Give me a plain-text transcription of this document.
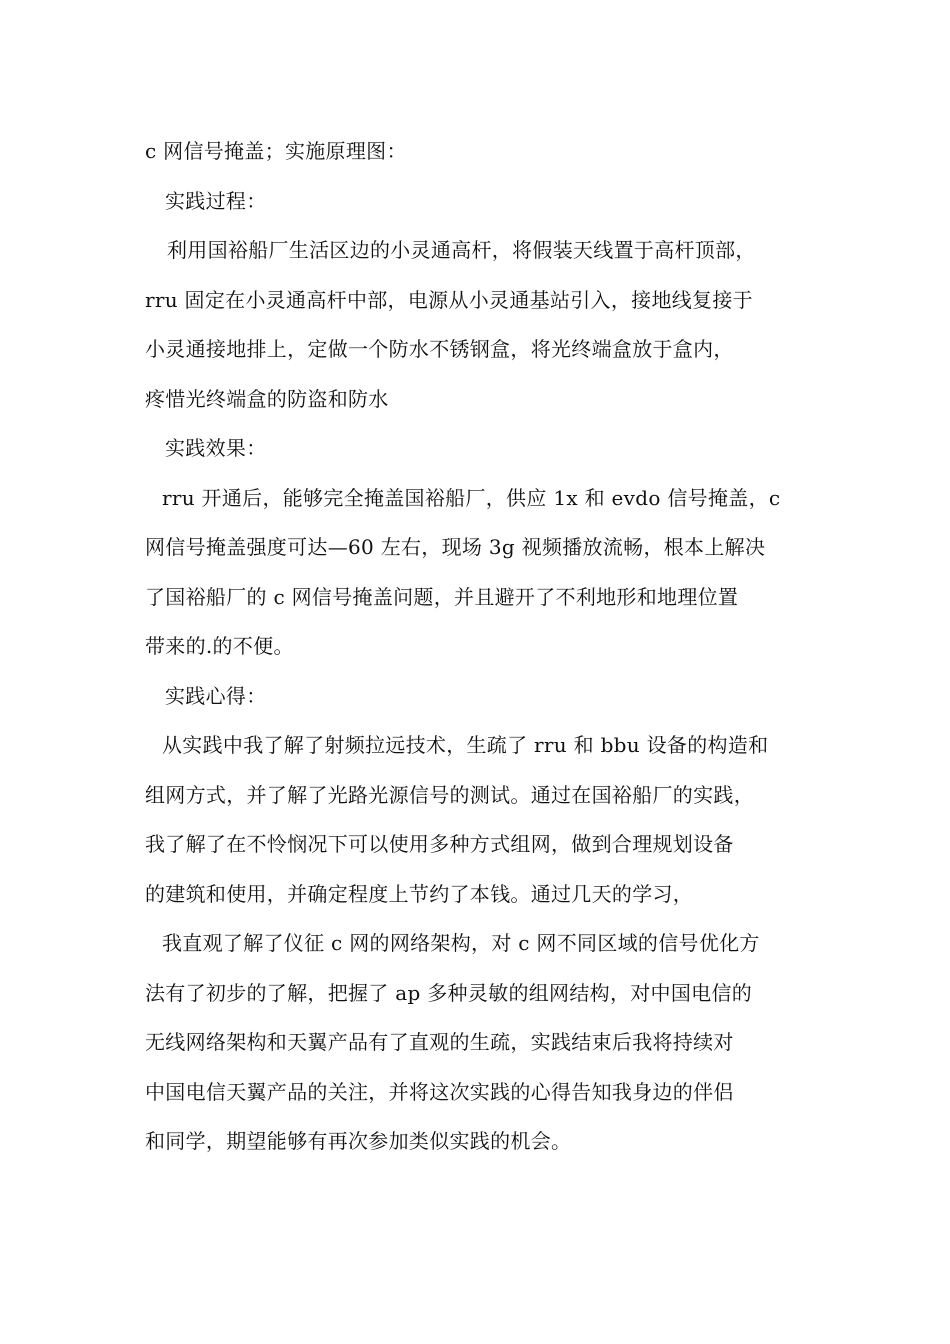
c 网信号掩盖；实施原理图：
实践过程：
利用国裕船厂生活区边的小灵通高杆，将假装天线置于高杆顶部，
rru 固定在小灵通高杆中部，电源从小灵通基站引入，接地线复接于
小灵通接地排上，定做一个防水不锈钢盒，将光终端盒放于盒内，
疼惜光终端盒的防盗和防水
实践效果：
rru 开通后，能够完全掩盖国裕船厂，供应 1x 和 evdo 信号掩盖，c
网信号掩盖强度可达—60 左右，现场 3g 视频播放流畅，根本上解决
了国裕船厂的 c 网信号掩盖问题，并且避开了不利地形和地理位置
带来的.的不便。
实践心得：
从实践中我了解了射频拉远技术，生疏了 rru 和 bbu 设备的构造和
组网方式，并了解了光路光源信号的测试。通过在国裕船厂的实践，
我了解了在不怜悯况下可以使用多种方式组网，做到合理规划设备
的建筑和使用，并确定程度上节约了本钱。通过几天的学习，
我直观了解了仪征 c 网的网络架构，对 c 网不同区域的信号优化方
法有了初步的了解，把握了 ap 多种灵敏的组网结构，对中国电信的
无线网络架构和天翼产品有了直观的生疏，实践结束后我将持续对
中国电信天翼产品的关注，并将这次实践的心得告知我身边的伴侣
和同学，期望能够有再次参加类似实践的机会。
